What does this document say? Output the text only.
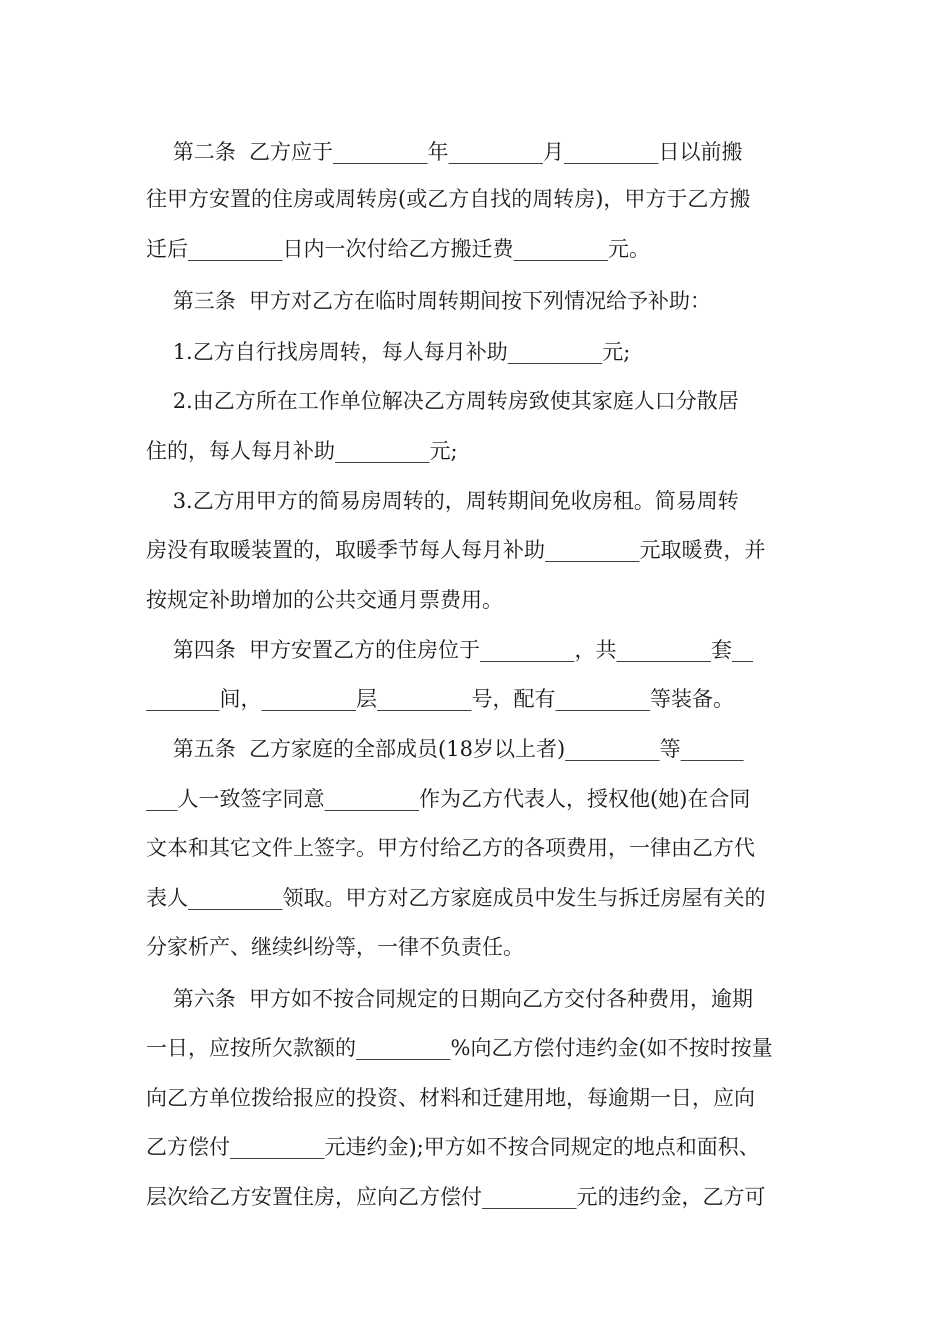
第二条  乙方应于_________年_________月_________日以前搬
往甲方安置的住房或周转房(或乙方自找的周转房)，甲方于乙方搬
迁后_________日内一次付给乙方搬迁费_________元。
第三条  甲方对乙方在临时周转期间按下列情况给予补助：
1.乙方自行找房周转，每人每月补助_________元;
2.由乙方所在工作单位解决乙方周转房致使其家庭人口分散居
住的，每人每月补助_________元;
3.乙方用甲方的简易房周转的，周转期间免收房租。简易周转
房没有取暖装置的，取暖季节每人每月补助_________元取暖费，并
按规定补助增加的公共交通月票费用。
第四条  甲方安置乙方的住房位于_________，共_________套__
_______间，_________层_________号，配有_________等装备。
第五条  乙方家庭的全部成员(18岁以上者)_________等______
___人一致签字同意_________作为乙方代表人，授权他(她)在合同
文本和其它文件上签字。甲方付给乙方的各项费用，一律由乙方代
表人_________领取。甲方对乙方家庭成员中发生与拆迁房屋有关的
分家析产、继续纠纷等，一律不负责任。
第六条  甲方如不按合同规定的日期向乙方交付各种费用，逾期
一日，应按所欠款额的_________%向乙方偿付违约金(如不按时按量
向乙方单位拨给报应的投资、材料和迁建用地，每逾期一日，应向
乙方偿付_________元违约金);甲方如不按合同规定的地点和面积、
层次给乙方安置住房，应向乙方偿付_________元的违约金，乙方可
